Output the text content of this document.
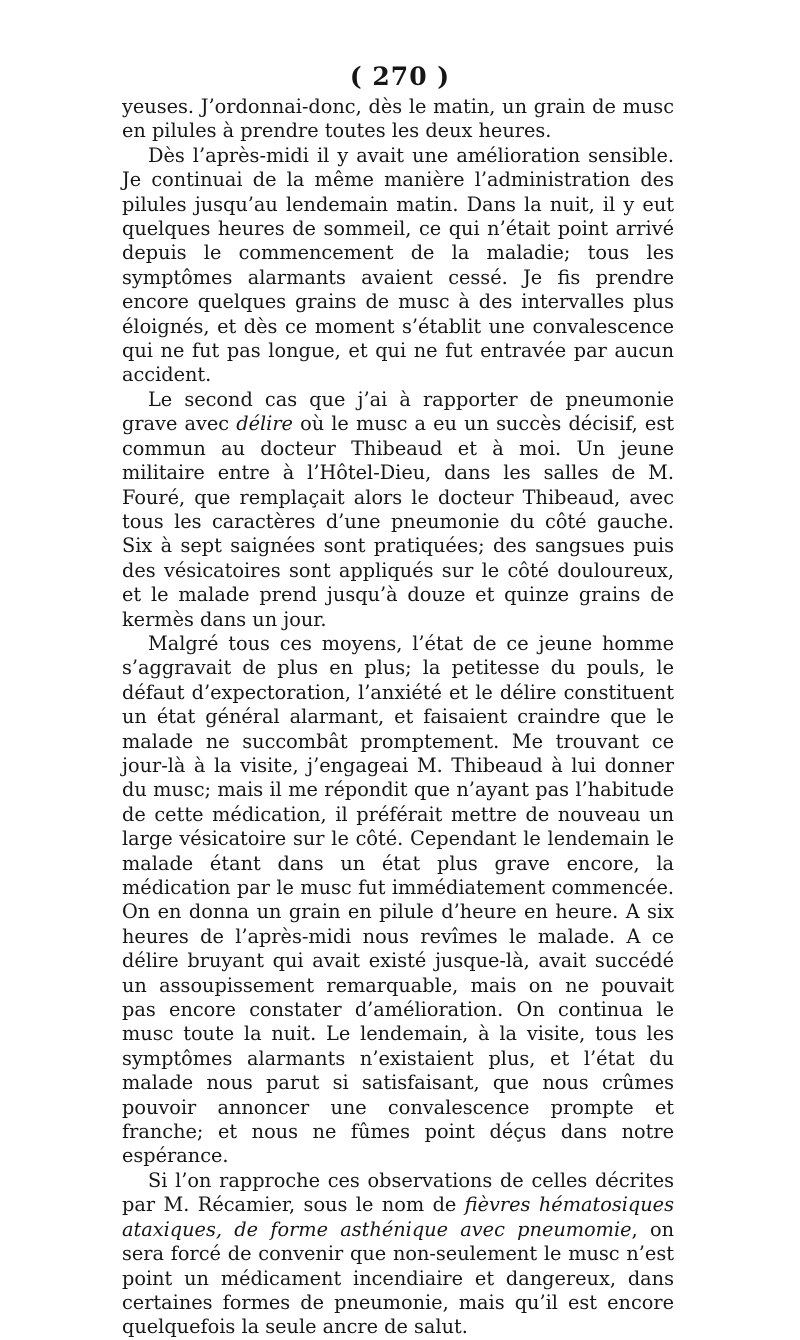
( 270 )

yeuses. J’ordonnai-donc, dès le matin, un grain de musc en pilules à prendre toutes les deux heures.

Dès l’après-midi il y avait une amélioration sensible. Je continuai de la même manière l’administration des pilules jusqu’au lendemain matin. Dans la nuit, il y eut quelques heures de sommeil, ce qui n’était point arrivé depuis le commencement de la maladie; tous les symptômes alarmants avaient cessé. Je fis prendre encore quelques grains de musc à des intervalles plus éloignés, et dès ce moment s’établit une convalescence qui ne fut pas longue, et qui ne fut entravée par aucun accident.

Le second cas que j’ai à rapporter de pneumonie grave avec délire où le musc a eu un succès décisif, est commun au docteur Thibeaud et à moi. Un jeune militaire entre à l’Hôtel-Dieu, dans les salles de M. Fouré, que remplaçait alors le docteur Thibeaud, avec tous les caractères d’une pneumonie du côté gauche. Six à sept saignées sont pratiquées; des sangsues puis des vésicatoires sont appliqués sur le côté douloureux, et le malade prend jusqu’à douze et quinze grains de kermès dans un jour.

Malgré tous ces moyens, l’état de ce jeune homme s’aggravait de plus en plus; la petitesse du pouls, le défaut d’expectoration, l’anxiété et le délire constituent un état général alarmant, et faisaient craindre que le malade ne succombât promptement. Me trouvant ce jour-là à la visite, j’engageai M. Thibeaud à lui donner du musc; mais il me répondit que n’ayant pas l’habitude de cette médication, il préférait mettre de nouveau un large vésicatoire sur le côté. Cependant le lendemain le malade étant dans un état plus grave encore, la médication par le musc fut immédiatement commencée. On en donna un grain en pilule d’heure en heure. A six heures de l’après-midi nous revîmes le malade. A ce délire bruyant qui avait existé jusque-là, avait succédé un assoupissement remarquable, mais on ne pouvait pas encore constater d’amélioration. On continua le musc toute la nuit. Le lendemain, à la visite, tous les symptômes alarmants n’existaient plus, et l’état du malade nous parut si satisfaisant, que nous crûmes pouvoir annoncer une convalescence prompte et franche; et nous ne fûmes point déçus dans notre espérance.

Si l’on rapproche ces observations de celles décrites par M. Récamier, sous le nom de fièvres hématosiques ataxiques, de forme asthénique avec pneumomie, on sera forcé de convenir que non-seulement le musc n’est point un médicament incendiaire et dangereux, dans certaines formes de pneumonie, mais qu’il est encore quelquefois la seule ancre de salut.
